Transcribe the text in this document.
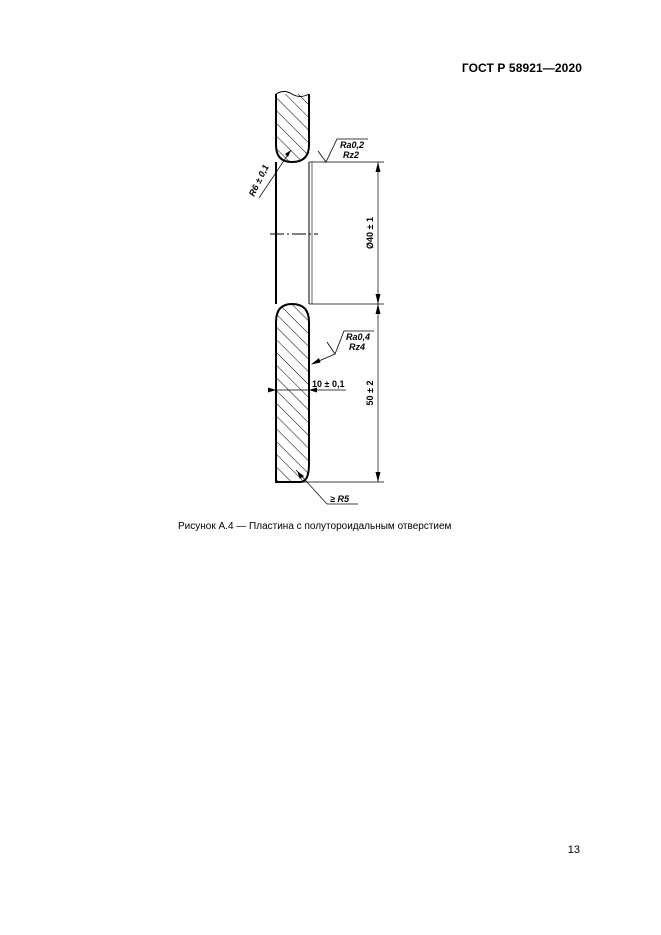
ГОСТ Р 58921—2020
Ø40 ± 1
50 ± 2
10 ± 0,1
R6 ± 0,1
Ra0,2
Rz2
Ra0,4
Rz4
≥ R5
Рисунок А.4 — Пластина с полутороидальным отверстием
13
